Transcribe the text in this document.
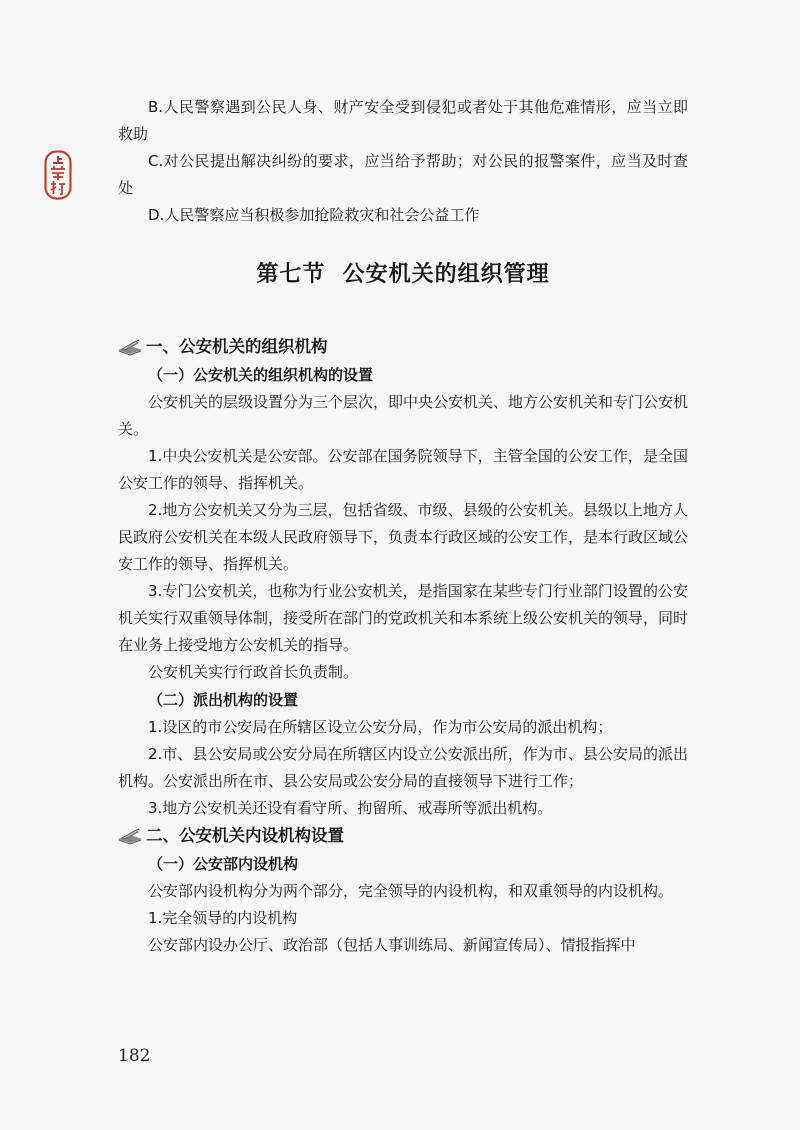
B.人民警察遇到公民人身、财产安全受到侵犯或者处于其他危难情形，应当立即救助

C.对公民提出解决纠纷的要求，应当给予帮助；对公民的报警案件，应当及时查处

D.人民警察应当积极参加抢险救灾和社会公益工作

第七节  公安机关的组织管理
一、公安机关的组织机构
（一）公安机关的组织机构的设置

公安机关的层级设置分为三个层次，即中央公安机关、地方公安机关和专门公安机关。

1.中央公安机关是公安部。公安部在国务院领导下，主管全国的公安工作，是全国公安工作的领导、指挥机关。

2.地方公安机关又分为三层，包括省级、市级、县级的公安机关。县级以上地方人民政府公安机关在本级人民政府领导下，负责本行政区域的公安工作，是本行政区域公安工作的领导、指挥机关。

3.专门公安机关，也称为行业公安机关，是指国家在某些专门行业部门设置的公安机关实行双重领导体制，接受所在部门的党政机关和本系统上级公安机关的领导，同时在业务上接受地方公安机关的指导。

公安机关实行行政首长负责制。

（二）派出机构的设置

1.设区的市公安局在所辖区设立公安分局，作为市公安局的派出机构；

2.市、县公安局或公安分局在所辖区内设立公安派出所，作为市、县公安局的派出机构。公安派出所在市、县公安局或公安分局的直接领导下进行工作；

3.地方公安机关还设有看守所、拘留所、戒毒所等派出机构。

二、公安机关内设机构设置
（一）公安部内设机构

公安部内设机构分为两个部分，完全领导的内设机构，和双重领导的内设机构。

1.完全领导的内设机构

公安部内设办公厅、政治部（包括人事训练局、新闻宣传局）、情报指挥中

182
